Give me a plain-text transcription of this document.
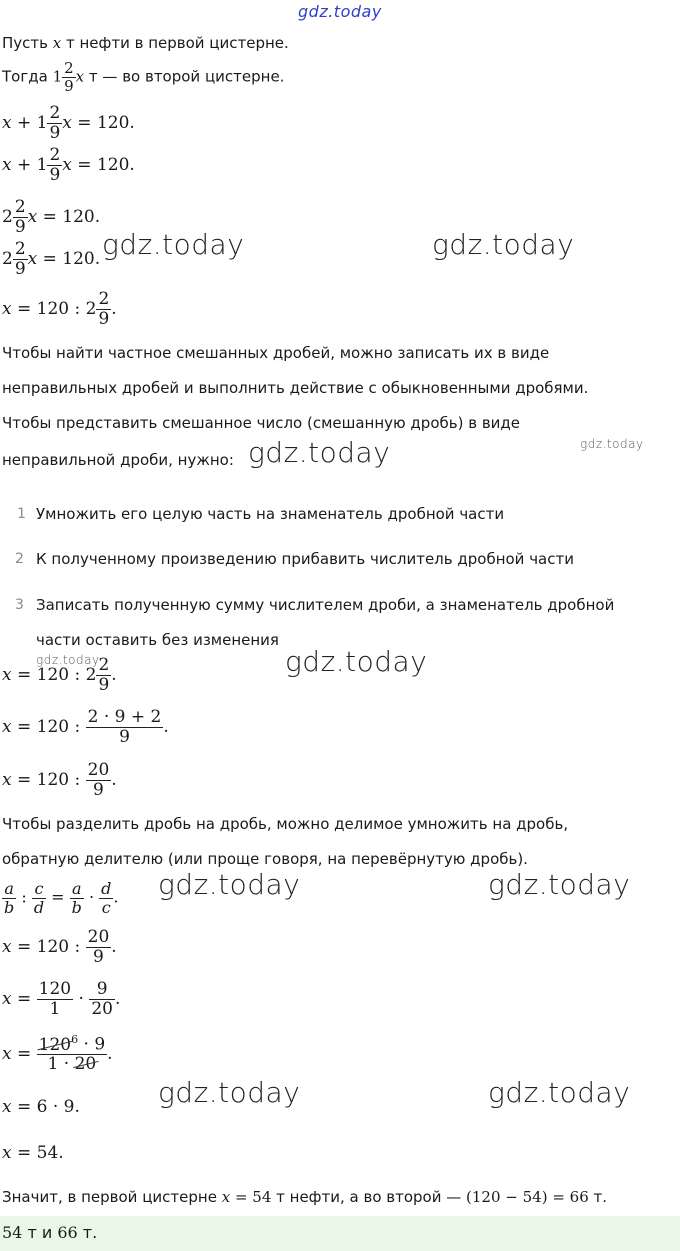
gdz.today
Пусть x т нефти в первой цистерне.
Тогда $1 \frac{2}{9}$ x т — во второй цистерне.
$x + 1 \frac{2}{9}$ x = 120.
$x + 1 \frac{2}{9}$ x = 120.
$2 \frac{2}{9}$ x = 120.
$2 \frac{2}{9}$ x = 120.
x = 120 : $2 \frac{2}{9}$ .
gdz.today	gdz.today
Чтобы найти частное смешанных дробей, можно записать их в виде
неправильных дробей и выполнить действие с обыкновенными дробями.
Чтобы представить смешанное число (смешанную дробь) в виде
неправильной дроби, нужно: gdz.today	gdz.today
1 Умножить его целую часть на знаменатель дробной части
2 К полученному произведению прибавить числитель дробной части
3 Записать полученную сумму числителем дроби, а знаменатель дробной
части оставить без изменения
gdz.today	gdz.today
x = 120 : $2 \frac{2}{9}$ .
x = 120 : $\frac{2 \cdot 9 + 2}{9}$ .
x = 120 : $\frac{20}{9}$ .
Чтобы разделить дробь на дробь, можно делимое умножить на дробь,
обратную делителю (или проще говоря, на перевёрнутую дробь).
gdz.today	gdz.today
$\frac{a}{b}$ : $\frac{c}{d} = \frac{a}{b} \cdot \frac{d}{c}$ .
x = 120 : $\frac{20}{9}$ .
$x = \frac{120}{1} \cdot \frac{9}{20}$ .
$x = \frac{120^6 \cdot 9}{1 \cdot 20}$ .
x = 6 · 9.
x = 54.
gdz.today	gdz.today
Значит, в первой цистерне x = 54 т нефти, а во второй — (120 − 54) = 66 т.
54 т и 66 т.
